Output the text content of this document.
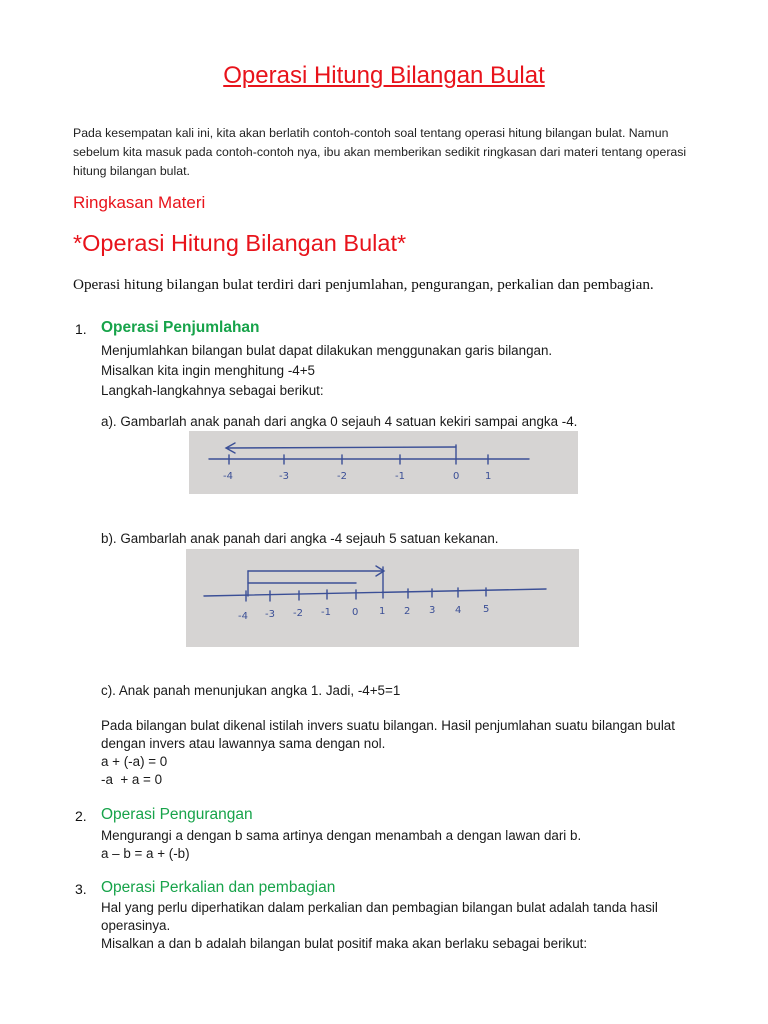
Operasi Hitung Bilangan Bulat
Pada kesempatan kali ini, kita akan berlatih contoh-contoh soal tentang operasi hitung bilangan bulat. Namun sebelum kita masuk pada contoh-contoh nya, ibu akan memberikan sedikit ringkasan dari materi tentang operasi hitung bilangan bulat.
Ringkasan Materi
*Operasi Hitung Bilangan Bulat*
Operasi hitung bilangan bulat terdiri dari penjumlahan, pengurangan, perkalian dan pembagian.
1. Operasi Penjumlahan
Menjumlahkan bilangan bulat dapat dilakukan menggunakan garis bilangan.
Misalkan kita ingin menghitung -4+5
Langkah-langkahnya sebagai berikut:
a). Gambarlah anak panah dari angka 0 sejauh 4 satuan kekiri sampai angka -4.
-4	-3	-2	-1	0	1
b). Gambarlah anak panah dari angka -4 sejauh 5 satuan kekanan.
-4 -3 -2 -1 0 1 2 3 4 5
c). Anak panah menunjukan angka 1. Jadi, -4+5=1
Pada bilangan bulat dikenal istilah invers suatu bilangan. Hasil penjumlahan suatu bilangan bulat dengan invers atau lawannya sama dengan nol.
a + (-a) = 0
-a  + a = 0
2. Operasi Pengurangan
Mengurangi a dengan b sama artinya dengan menambah a dengan lawan dari b.
a – b = a + (-b)
3. Operasi Perkalian dan pembagian
Hal yang perlu diperhatikan dalam perkalian dan pembagian bilangan bulat adalah tanda hasil operasinya.
Misalkan a dan b adalah bilangan bulat positif maka akan berlaku sebagai berikut:
